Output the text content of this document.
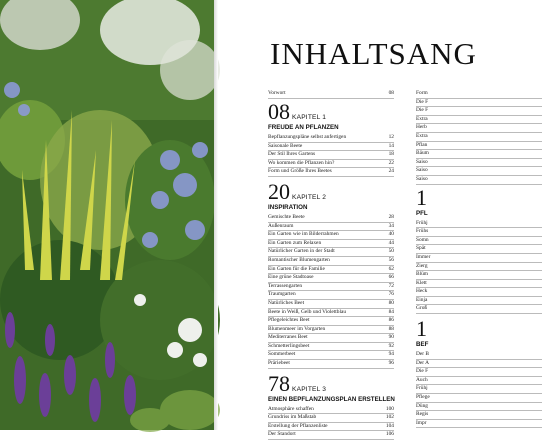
INHALTSANG
Vorwort	08
08 KAPITEL 1
FREUDE AN PFLANZEN
Bepflanzungspläne selbst anfertigen	12
Saisonale Beete	14
Der Stil Ihres Gartens	18
Wo kommen die Pflanzen hin?	22
Form und Größe Ihres Beetes	24
20 KAPITEL 2
INSPIRATION
Gemischte Beete	28
Außenraum	34
Ein Garten wie im Bilderrahmen	40
Ein Garten zum Relaxen	44
Natürlicher Garten in der Stadt	50
Romantischer Blumengarten	56
Ein Garten für die Familie	62
Eine grüne Stadtoase	66
Terrassengarten	72
Traumgarten	76
Natürliches Beet	80
Beete in Weiß, Gelb und Violettblau	84
Pflegeleichtes Beet	86
Blumenmeer im Vorgarten	88
Mediterranes Beet	90
Schmetterlingsbeet	92
Sommerbeet	94
Präriebeet	96
78 KAPITEL 3
EINEN BEPFLANZUNGSPLAN ERSTELLEN
Atmosphäre schaffen	100
Grundriss im Maßstab	102
Erstellung der Pflanzenliste	104
Der Standort	106
Form
Die F
Die F
Extra
Herb
Extra
Pflan
Bäum
Saiso
Saiso
Saiso
1
PFL
Frühj
Frühs
Somn
Spät
Immer
Zierg
Blüm
Klett
Heck
Einja
Groß
1
BEF
Der B
Der A
Die F
Auch
Frühj
Pflege
Düng
Regis
Impr
